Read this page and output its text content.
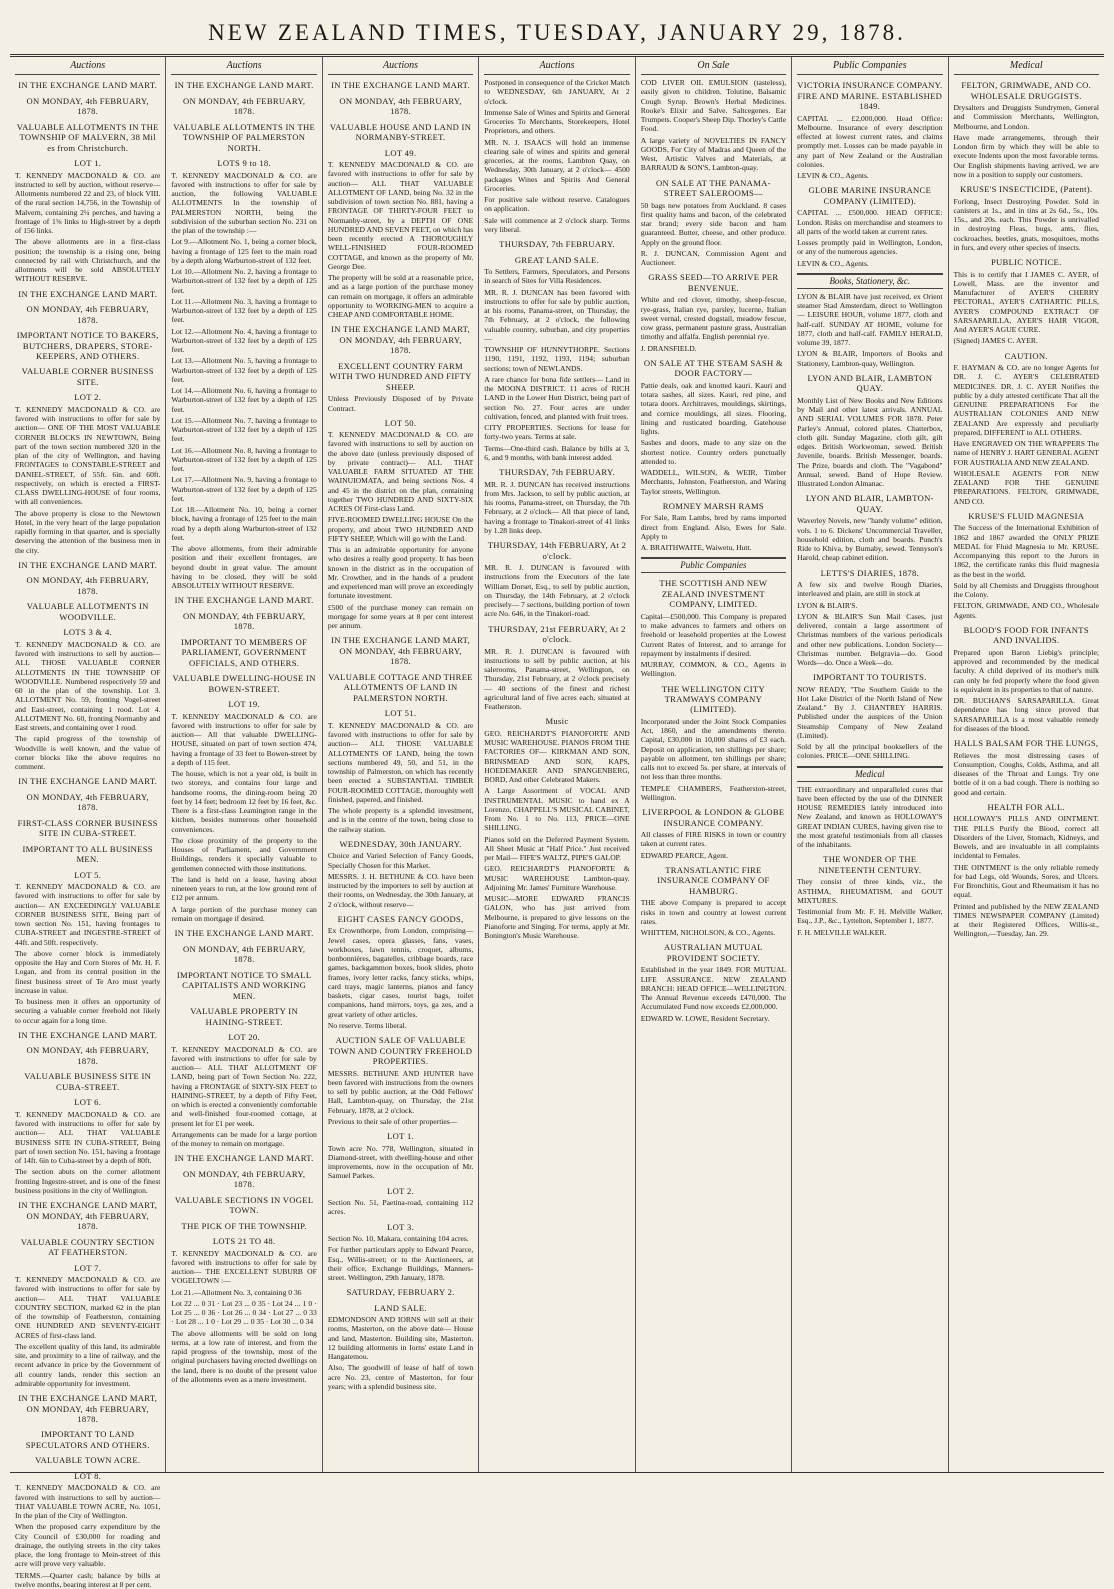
NEW ZEALAND TIMES, TUESDAY, JANUARY 29, 1878.
Auctions
IN THE EXCHANGE LAND MART.
ON MONDAY, 4th FEBRUARY, 1878.
VALUABLE ALLOTMENTS IN THE TOWNSHIP OF MALVERN, 38 Mil es from Christchurch.
LOT 1.

T. KENNEDY MACDONALD & CO. are instructed to sell by auction, without reserve— Allotments numbered 22 and 23, of block VIII. of the rural section 14,756, in the Township of Malvern, containing 2¼ perches, and having a frontage of 1⅝ links to High-street by a depth of 156 links.

The above allotments are in a first-class position; the township is a rising one, being connected by rail with Christchurch, and the allotments will be sold ABSOLUTELY WITHOUT RESERVE.

IN THE EXCHANGE LAND MART.
ON MONDAY, 4th FEBRUARY, 1878.
IMPORTANT NOTICE TO BAKERS, BUTCHERS, DRAPERS, STORE-KEEPERS, AND OTHERS.
VALUABLE CORNER BUSINESS SITE.
LOT 2.

T. KENNEDY MACDONALD & CO. are favored with instructions to offer for sale by auction— ONE OF THE MOST VALUABLE CORNER BLOCKS IN NEWTOWN, Being part of the town section numbered 320 in the plan of the city of Wellington, and having FRONTAGES to CONSTABLE-STREET and DANIEL-STREET, of 55ft. 6in. and 60ft. respectively, on which is erected a FIRST-CLASS DWELLING-HOUSE of four rooms, with all conveniences.

The above property is close to the Newtown Hotel, in the very heart of the large population rapidly forming in that quarter, and is specially deserving the attention of the business men in the city.

IN THE EXCHANGE LAND MART.
ON MONDAY, 4th FEBRUARY, 1878.
VALUABLE ALLOTMENTS IN WOODVILLE.
LOTS 3 & 4.

T. KENNEDY MACDONALD & CO. are favored with instructions to sell by auction— ALL THOSE VALUABLE CORNER ALLOTMENTS IN THE TOWNSHIP OF WOODVILLE. Numbered respectively 59 and 60 in the plan of the township. Lot 3. ALLOTMENT No. 59, fronting Vogel-street and East-street, containing 1 rood. Lot 4. ALLOTMENT No. 60, fronting Normanby and East streets, and containing over 1 rood.

The rapid progress of the township of Woodville is well known, and the value of corner blocks like the above requires no comment.

IN THE EXCHANGE LAND MART.
ON MONDAY, 4th FEBRUARY, 1878.
FIRST-CLASS CORNER BUSINESS SITE IN CUBA-STREET.
IMPORTANT TO ALL BUSINESS MEN.
LOT 5.

T. KENNEDY MACDONALD & CO. are favored with instructions to offer for sale by auction— AN EXCEEDINGLY VALUABLE CORNER BUSINESS SITE, Being part of town section No. 151, having frontages to CUBA-STREET and INGESTRE-STREET of 44ft. and 50ft. respectively.

The above corner block is immediately opposite the Hay and Corn Stores of Mr. H. F. Logan, and from its central position in the finest business street of Te Aro must yearly increase in value.

To business men it offers an opportunity of securing a valuable corner freehold not likely to occur again for a long time.

IN THE EXCHANGE LAND MART.
ON MONDAY, 4th FEBRUARY, 1878.
VALUABLE BUSINESS SITE IN CUBA-STREET.
LOT 6.

T. KENNEDY MACDONALD & CO. are favored with instructions to offer for sale by auction— ALL THAT VALUABLE BUSINESS SITE IN CUBA-STREET, Being part of town section No. 151, having a frontage of 14ft. 6in to Cuba-street by a depth of 80ft.

The section abuts on the corner allotment fronting Ingestre-street, and is one of the finest business positions in the city of Wellington.

IN THE EXCHANGE LAND MART, ON MONDAY, 4th FEBRUARY, 1878.
VALUABLE COUNTRY SECTION AT FEATHERSTON.
LOT 7.

T. KENNEDY MACDONALD & CO. are favored with instructions to offer for sale by auction— ALL THAT VALUABLE COUNTRY SECTION, marked 62 in the plan of the township of Featherston, containing ONE HUNDRED AND SEVENTY-EIGHT ACRES of first-class land.

The excellent quality of this land, its admirable site, and proximity to a line of railway, and the recent advance in price by the Government of all country lands, render this section an admirable opportunity for investment.

IN THE EXCHANGE LAND MART, ON MONDAY, 4th FEBRUARY, 1878.
IMPORTANT TO LAND SPECULATORS AND OTHERS.
VALUABLE TOWN ACRE.
LOT 8.

T. KENNEDY MACDONALD & CO. are favored with instructions to sell by auction— THAT VALUABLE TOWN ACRE, No. 1051, In the plan of the City of Wellington.

When the proposed carry expenditure by the City Council of £30,000 for roading and drainage, the outlying streets in the city takes place, the long frontage to Mein-street of this acre will prove very valuable.

TERMS.—Quarter cash; balance by bills at twelve months, bearing interest at 8 per cent.

Auctions
IN THE EXCHANGE LAND MART.
ON MONDAY, 4th FEBRUARY, 1878.
VALUABLE ALLOTMENTS IN THE TOWNSHIP OF PALMERSTON NORTH.
LOTS 9 to 18.

T. KENNEDY MACDONALD & CO. are favored with instructions to offer for sale by auction, the following VALUABLE ALLOTMENTS In the township of PALMERSTON NORTH, being the subdivision of the suburban section No. 231 on the plan of the township :—

Lot 9.—Allotment No. 1, being a corner block, having a frontage of 125 feet to the main road by a depth along Warburton-street of 132 feet.

Lot 10.—Allotment No. 2, having a frontage to Warburton-street of 132 feet by a depth of 125 feet.

Lot 11.—Allotment No. 3, having a frontage to Warburton-street of 132 feet by a depth of 125 feet.

Lot 12.—Allotment No. 4, having a frontage to Warburton-street of 132 feet by a depth of 125 feet.

Lot 13.—Allotment No. 5, having a frontage to Warburton-street of 132 feet by a depth of 125 feet.

Lot 14.—Allotment No. 6, having a frontage to Warburton-street of 132 feet by a depth of 125 feet.

Lot 15.—Allotment No. 7, having a frontage to Warburton-street of 132 feet by a depth of 125 feet.

Lot 16.—Allotment No. 8, having a frontage to Warburton-street of 132 feet by a depth of 125 feet.

Lot 17.—Allotment No. 9, having a frontage to Warburton-street of 132 feet by a depth of 125 feet.

Lot 18.—Allotment No. 10, being a corner block, having a frontage of 125 feet to the main road by a depth along Warburton-street of 132 feet.

The above allotments, from their admirable position and their excellent frontages, are beyond doubt in great value. The amount having to be closed, they will be sold ABSOLUTELY WITHOUT RESERVE.

IN THE EXCHANGE LAND MART.
ON MONDAY, 4th FEBRUARY, 1878.
IMPORTANT TO MEMBERS OF PARLIAMENT, GOVERNMENT OFFICIALS, AND OTHERS.
VALUABLE DWELLING-HOUSE IN BOWEN-STREET.
LOT 19.

T. KENNEDY MACDONALD & CO. are favored with instructions to offer for sale by auction— All that valuable DWELLING-HOUSE, situated on part of town section 474, having a frontage of 33 feet to Bowen-street by a depth of 115 feet.

The house, which is not a year old, is built in two storeys, and contains four large and handsome rooms, the dining-room being 20 feet by 14 feet; bedroom 12 feet by 16 feet, &c. There is a first-class Leamington range in the kitchen, besides numerous other household conveniences.

The close proximity of the property to the Houses of Parliament, and Government Buildings, renders it specially valuable to gentlemen connected with those institutions.

The land is held on a lease, having about nineteen years to run, at the low ground rent of £12 per annum.

A large portion of the purchase money can remain on mortgage if desired.

IN THE EXCHANGE LAND MART.
ON MONDAY, 4th FEBRUARY, 1878.
IMPORTANT NOTICE TO SMALL CAPITALISTS AND WORKING MEN.
VALUABLE PROPERTY IN HAINING-STREET.
LOT 20.

T. KENNEDY MACDONALD & CO. are favored with instructions to offer for sale by auction— ALL THAT ALLOTMENT OF LAND, being part of Town Section No. 222, having a FRONTAGE of SIXTY-SIX FEET to HAINING-STREET, by a depth of Fifty Feet, on which is erected a conveniently comfortable and well-finished four-roomed cottage, at present let for £1 per week.

Arrangements can be made for a large portion of the money to remain on mortgage.

IN THE EXCHANGE LAND MART.
ON MONDAY, 4th FEBRUARY, 1878.
VALUABLE SECTIONS IN VOGEL TOWN.
THE PICK OF THE TOWNSHIP.
LOTS 21 TO 48.

T. KENNEDY MACDONALD & CO. are favored with instructions to offer for sale by auction— THE EXCELLENT SUBURB OF VOGELTOWN :—

Lot 21.—Allotment No. 3, containing 0 36

Lot 22 ... 0 31 · Lot 23 ... 0 35 · Lot 24 ... 1 0 · Lot 25 ... 0 36 · Lot 26 ... 0 34 · Lot 27 ... 0 33 · Lot 28 ... 1 0 · Lot 29 ... 0 35 · Lot 30 ... 0 34

The above allotments will be sold on long terms, at a low rate of interest, and from the rapid progress of the township, most of the original purchasers having erected dwellings on the land, there is no doubt of the present value of the allotments even as a mere investment.

Auctions
IN THE EXCHANGE LAND MART.
ON MONDAY, 4th FEBRUARY, 1878.
VALUABLE HOUSE AND LAND IN NORMANBY-STREET.
LOT 49.

T. KENNEDY MACDONALD & CO. are favored with instructions to offer for sale by auction— ALL THAT VALUABLE ALLOTMENT OF LAND, being No. 32 in the subdivision of town section No. 881, having a FRONTAGE OF THIRTY-FOUR FEET to Normanby-street, by a DEPTH OF ONE HUNDRED AND SEVEN FEET, on which has been recently erected A THOROUGHLY WELL-FINISHED FOUR-ROOMED COTTAGE, and known as the property of Mr. George Dee.

The property will be sold at a reasonable price, and as a large portion of the purchase money can remain on mortgage, it offers an admirable opportunity to WORKING-MEN to acquire a CHEAP AND COMFORTABLE HOME.

IN THE EXCHANGE LAND MART, ON MONDAY, 4th FEBRUARY, 1878.
EXCELLENT COUNTRY FARM WITH TWO HUNDRED AND FIFTY SHEEP.

Unless Previously Disposed of by Private Contract.

LOT 50.

T. KENNEDY MACDONALD & CO. are favored with instructions to sell by auction on the above date (unless previously disposed of by private contract)— ALL THAT VALUABLE FARM SITUATED AT THE WAINUIOMATA, and being sections Nos. 4 and 45 in the district on the plan, containing together TWO HUNDRED AND SIXTY-SIX ACRES Of First-class Land.

FIVE-ROOMED DWELLING HOUSE On the property, and about TWO HUNDRED AND FIFTY SHEEP, Which will go with the Land.

This is an admirable opportunity for anyone who desires a really good property. It has been known in the district as in the occupation of Mr. Crowther, and in the hands of a prudent and experienced man will prove an exceedingly fortunate investment.

£500 of the purchase money can remain on mortgage for some years at 8 per cent interest per annum.

IN THE EXCHANGE LAND MART, ON MONDAY, 4th FEBRUARY, 1878.
VALUABLE COTTAGE AND THREE ALLOTMENTS OF LAND IN PALMERSTON NORTH.
LOT 51.

T. KENNEDY MACDONALD & CO. are favored with instructions to offer for sale by auction— ALL THOSE VALUABLE ALLOTMENTS OF LAND, being the town sections numbered 49, 50, and 51, in the township of Palmerston, on which has recently been erected a SUBSTANTIAL TIMBER FOUR-ROOMED COTTAGE, thoroughly well finished, papered, and finished.

The whole property is a splendid investment, and is in the centre of the town, being close to the railway station.

WEDNESDAY, 30th JANUARY.

Choice and Varied Selection of Fancy Goods, Specially Chosen for this Market.

MESSRS. J. H. BETHUNE & CO. have been instructed by the importers to sell by auction at their rooms, on Wednesday, the 30th January, at 2 o'clock, without reserve—

EIGHT CASES FANCY GOODS,

Ex Crownthorpe, from London, comprising— Jewel cases, opera glasses, fans, vases, workboxes, lawn tennis, croquet, albums, bonbonnières, bagatelles, cribbage boards, race games, backgammon boxes, book slides, photo frames, ivory letter racks, fancy sticks, whips, card trays, magic lanterns, pianos and fancy baskets, cigar cases, tourist bags, toilet companions, hand mirrors, toys, ga zes, and a great variety of other articles.

No reserve. Terms liberal.

AUCTION SALE OF VALUABLE TOWN AND COUNTRY FREEHOLD PROPERTIES.

MESSRS. BETHUNE AND HUNTER have been favored with instructions from the owners to sell by public auction, at the Odd Fellows' Hall, Lambton-quay, on Thursday, the 21st February, 1878, at 2 o'clock.

Previous to their sale of other properties—

LOT 1.

Town acre No. 778, Wellington, situated in Diamond-street, with dwelling-house and other improvements, now in the occupation of Mr. Samuel Parkes.

LOT 2.

Section No. 51, Paetina-road, containing 112 acres.

LOT 3.

Section No. 10, Makara, containing 104 acres.

For further particulars apply to Edward Pearce, Esq., Willis-street; or to the Auctioneers, at their office, Exchange Buildings, Manners-street. Wellington, 29th January, 1878.

SATURDAY, FEBRUARY 2.
LAND SALE.

EDMONDSON AND IORNS will sell at their rooms, Masterton, on the above date— House and land, Masterton. Building site, Masterton. 12 building allotments in Iorns' estate Land in Hangatemou.

Also, The goodwill of lease of half of town acre No. 23, centre of Masterton, for four years; with a splendid business site.

Auctions

Postponed in consequence of the Cricket Match to WEDNESDAY, 6th JANUARY, At 2 o'clock.

Immense Sale of Wines and Spirits and General Groceries To Merchants, Storekeepers, Hotel Proprietors, and others.

MR. N. J. ISAACS will hold an immense clearing sale of wines and spirits and general groceries, at the rooms, Lambton Quay, on Wednesday, 30th January, at 2 o'clock— 4500 packages Wines and Spirits And General Groceries.

For positive sale without reserve. Catalogues on application.

Sale will commence at 2 o'clock sharp. Terms very liberal.

THURSDAY, 7th FEBRUARY.
GREAT LAND SALE.

To Settlers, Farmers, Speculators, and Persons in search of Sites for Villa Residences.

MR. R. J. DUNCAN has been favored with instructions to offer for sale by public auction, at his rooms, Panama-street, on Thursday, the 7th February, at 2 o'clock, the following valuable country, suburban, and city properties—

TOWNSHIP OF HUNNYTHORPE. Sections 1190, 1191, 1192, 1193, 1194; suburban sections; town of NEWLANDS.

A rare chance for bona fide settlers— Land in the MOONA DISTRICT. 11 acres of RICH LAND in the Lower Hutt District, being part of section No. 27. Four acres are under cultivation, fenced, and planted with fruit trees.

CITY PROPERTIES. Sections for lease for forty-two years. Terms at sale.

Terms—One-third cash. Balance by bills at 3, 6, and 9 months, with bank interest added.

THURSDAY, 7th FEBRUARY.

MR. R. J. DUNCAN has received instructions from Mrs. Jackson, to sell by public auction, at his rooms, Panama-street, on Thursday, the 7th February, at 2 o'clock— All that piece of land, having a frontage to Tinakori-street of 41 links by 1.28 links deep.

THURSDAY, 14th FEBRUARY, At 2 o'clock.

MR. R. J. DUNCAN is favoured with instructions from the Executors of the late William Dorset, Esq., to sell by public auction, on Thursday, the 14th February, at 2 o'clock precisely— 7 sections, building portion of town acre No. 646, in the Tinakori-road.

THURSDAY, 21st FEBRUARY, At 2 o'clock.

MR. R. J. DUNCAN is favoured with instructions to sell by public auction, at his salerooms, Panama-street, Wellington, on Thursday, 21st February, at 2 o'clock precisely— 40 sections of the finest and richest agricultural land of five acres each, situated at Featherston.

Music

GEO. REICHARDT'S PIANOFORTE AND MUSIC WAREHOUSE. PIANOS FROM THE FACTORIES OF— KIRKMAN AND SON, BRINSMEAD AND SON, KAPS, HOEDEMAKER AND SPANGENBERG, BORD, And other Celebrated Makers.

A Large Assortment of VOCAL AND INSTRUMENTAL MUSIC to hand ex A Lorenzo, CHAPPELL'S MUSICAL CABINET, From No. 1 to No. 113, PRICE—ONE SHILLING.

Pianos sold on the Deferred Payment System. All Sheet Music at "Half Price." Just received per Mail— FIFE'S WALTZ, PIPE'S GALOP.

GEO. REICHARDT'S PIANOFORTE & MUSIC WAREHOUSE Lambton-quay. Adjoining Mr. James' Furniture Warehouse.

MUSIC—MORE EDWARD FRANCIS GALON, who has just arrived from Melbourne, is prepared to give lessons on the Pianoforte and Singing. For terms, apply at Mr. Bonington's Music Warehouse.

On Sale

COD LIVER OIL EMULSION (tasteless), easily given to children. Tolutine, Balsamic Cough Syrup. Brown's Herbal Medicines. Rooke's Elixir and Salve. Saltcegenes. Ear Trumpets. Cooper's Sheep Dip. Thorley's Cattle Food.

A large variety of NOVELTIES IN FANCY GOODS, For City of Madras and Queen of the West, Artistic Valves and Materials, at BARRAUD & SON'S, Lambton-quay.

ON SALE AT THE PANAMA-STREET SALEROOMS—

50 bags new potatoes from Auckland. 8 cases first quality hams and bacon, of the celebrated star brand; every side bacon and ham guaranteed. Butter, cheese, and other produce. Apply on the ground floor.

R. J. DUNCAN, Commission Agent and Auctioneer.

GRASS SEED—TO ARRIVE PER BENVENUE.

White and red clover, timothy, sheep-fescue, rye-grass, Italian rye, parsley, lucerne, Italian sweet vernal, crested dogstail, meadow fescue, cow grass, permanent pasture grass, Australian timothy and alfalfa. English perennial rye.

J. DRANSFIELD.

ON SALE AT THE STEAM SASH & DOOR FACTORY—

Pattie deals, oak and knotted kauri. Kauri and totara sashes, all sizes. Kauri, red pine, and totara doors. Architraves, mouldings, skirtings, and cornice mouldings, all sizes. Flooring, lining and rusticated boarding. Gatehouse lights.

Sashes and doors, made to any size on the shortest notice. Country orders punctually attended to.

WADDELL, WILSON, & WEIR, Timber Merchants, Johnston, Featherston, and Waring Taylor streets, Wellington.

ROMNEY MARSH RAMS

For Sale, Ram Lambs, bred by rams imported direct from England. Also, Ewes for Sale. Apply to

A. BRAITHWAITE, Waiwetu, Hutt.

Public Companies
THE SCOTTISH AND NEW ZEALAND INVESTMENT COMPANY, LIMITED.

Capital—£500,000. This Company is prepared to make advances to farmers and others on freehold or leasehold properties at the Lowest Current Rates of Interest, and to arrange for repayment by instalments if desired.

MURRAY, COMMON, & CO., Agents in Wellington.

THE WELLINGTON CITY TRAMWAYS COMPANY (LIMITED).

Incorporated under the Joint Stock Companies Act, 1860, and the amendments thereto. Capital, £30,000 in 10,000 shares of £3 each. Deposit on application, ten shillings per share; payable on allotment, ten shillings per share; calls not to exceed 5s. per share, at intervals of not less than three months.

TEMPLE CHAMBERS, Featherston-street, Wellington.

LIVERPOOL & LONDON & GLOBE INSURANCE COMPANY.

All classes of FIRE RISKS in town or country taken at current rates.

EDWARD PEARCE, Agent.

TRANSATLANTIC FIRE INSURANCE COMPANY OF HAMBURG.

THE above Company is prepared to accept risks in town and country at lowest current rates.

WHITTEM, NICHOLSON, & CO., Agents.

AUSTRALIAN MUTUAL PROVIDENT SOCIETY.

Established in the year 1849. FOR MUTUAL LIFE ASSURANCE. NEW ZEALAND BRANCH: HEAD OFFICE—WELLINGTON. The Annual Revenue exceeds £470,000. The Accumulated Fund now exceeds £2,000,000.

EDWARD W. LOWE, Resident Secretary.

Public Companies
VICTORIA INSURANCE COMPANY. FIRE AND MARINE. ESTABLISHED 1849.

CAPITAL ... £2,000,000. Head Office: Melbourne. Insurance of every description effected at lowest current rates, and claims promptly met. Losses can be made payable in any part of New Zealand or the Australian colonies.

LEVIN & CO., Agents.

GLOBE MARINE INSURANCE COMPANY (LIMITED).

CAPITAL ... £500,000. HEAD OFFICE: London. Risks on merchandise and steamers to all parts of the world taken at current rates.

Losses promptly paid in Wellington, London, or any of the numerous agencies.

LEVIN & CO., Agents.

Books, Stationery, &c.

LYON & BLAIR have just received, ex Orient steamer Stad Amsterdam, direct to Wellington— LEISURE HOUR, volume 1877, cloth and half-calf. SUNDAY AT HOME, volume for 1877, cloth and half-calf. FAMILY HERALD, volume 39, 1877.

LYON & BLAIR, Importers of Books and Stationery, Lambton-quay, Wellington.

LYON AND BLAIR, LAMBTON QUAY.

Monthly List of New Books and New Editions by Mail and other latest arrivals. ANNUAL AND SERIAL VOLUMES FOR 1878. Peter Parley's Annual, colored plates. Chatterbox, cloth gilt. Sunday Magazine, cloth gilt, gilt edges. British Workwoman, sewed. British Juvenile, boards. British Messenger, boards. The Prize, boards and cloth. The "Vagabond" Annual, sewed. Band of Hope Review. Illustrated London Almanac.

LYON AND BLAIR, LAMBTON-QUAY.

Waverley Novels, new "handy volume" edition, vols. 1 to 6. Dickens' Uncommercial Traveller, household edition, cloth and boards. Punch's Ride to Khiva, by Burnaby, sewed. Tennyson's Harold, cheap cabinet edition.

LETTS'S DIARIES, 1878.

A few six and twelve Rough Diaries, interleaved and plain, are still in stock at

LYON & BLAIR'S.

LYON & BLAIR'S Sun Mail Cases, just delivered, contain a large assortment of Christmas numbers of the various periodicals and other new publications. London Society—Christmas number. Belgravia—do. Good Words—do. Once a Week—do.

IMPORTANT TO TOURISTS.

NOW READY, "The Southern Guide to the Hot Lake District of the North Island of New Zealand." By J. CHANTREY HARRIS. Published under the auspices of the Union Steamship Company of New Zealand (Limited).

Sold by all the principal booksellers of the colonies. PRICE—ONE SHILLING.

Medical

THE extraordinary and unparalleled cures that have been effected by the use of the DINNER HOUSE REMEDIES lately introduced into New Zealand, and known as HOLLOWAY'S GREAT INDIAN CURES, having given rise to the most grateful testimonials from all classes of the inhabitants.

THE WONDER OF THE NINETEENTH CENTURY.

They consist of three kinds, viz., the ASTHMA, RHEUMATISM, and GOUT MIXTURES.

Testimonial from Mr. F. H. Melville Walker, Esq., J.P., &c., Lyttelton, September 1, 1877.

F. H. MELVILLE WALKER.

Medical
FELTON, GRIMWADE, AND CO. WHOLESALE DRUGGISTS.

Drysalters and Druggists Sundrymen, General and Commission Merchants, Wellington, Melbourne, and London.

Have made arrangements, through their London firm by which they will be able to execute Indents upon the most favorable terms. Our English shipments having arrived, we are now in a position to supply our customers.

KRUSE'S INSECTICIDE, (Patent).

Forlong, Insect Destroying Powder. Sold in canisters at 1s., and in tins at 2s 6d., 5s., 10s. 15s., and 20s. each. This Powder is unrivalled in destroying Fleas, bugs, ants, flies, cockroaches, beetles, gnats, mosquitoes, moths in furs, and every other species of insects.

PUBLIC NOTICE.

This is to certify that I JAMES C. AYER, of Lowell, Mass. are the inventor and Manufacturer of AYER'S CHERRY PECTORAL, AYER'S CATHARTIC PILLS, AYER'S COMPOUND EXTRACT OF SARSAPARILLA, AYER'S HAIR VIGOR, And AYER'S AGUE CURE.

(Signed) JAMES C. AYER.

CAUTION.

F. HAYMAN & CO. are no longer Agents for DR. J. C. AYER'S CELEBRATED MEDICINES. DR. J. C. AYER Notifies the public by a duly attested certificate That all the GENUINE PREPARATIONS For the AUSTRALIAN COLONIES AND NEW ZEALAND Are expressly and peculiarly prepared, DIFFERENT to ALL OTHERS.

Have ENGRAVED ON THE WRAPPERS The name of HENRY J. HART GENERAL AGENT FOR AUSTRALIA AND NEW ZEALAND.

WHOLESALE AGENTS FOR NEW ZEALAND FOR THE GENUINE PREPARATIONS. FELTON, GRIMWADE, AND CO.

KRUSE'S FLUID MAGNESIA

The Success of the International Exhibition of 1862 and 1867 awarded the ONLY PRIZE MEDAL for Fluid Magnesia to Mr. KRUSE. Accompanying this report to the Jurors in 1862, the certificate ranks this fluid magnesia as the best in the world.

Sold by all Chemists and Druggists throughout the Colony.

FELTON, GRIMWADE, AND CO., Wholesale Agents.

BLOOD'S FOOD FOR INFANTS AND INVALIDS.

Prepared upon Baron Liebig's principle; approved and recommended by the medical faculty. A child deprived of its mother's milk can only be fed properly where the food given is equivalent in its properties to that of nature.

DR. BUCHAN'S SARSAPARILLA. Great dependence has long since proved that SARSAPARILLA is a most valuable remedy for diseases of the blood.

HALLS BALSAM FOR THE LUNGS,

Relieves the most distressing cases of Consumption, Coughs, Colds, Asthma, and all diseases of the Throat and Lungs. Try one bottle of it on a bad cough. There is nothing so good and certain.

HEALTH FOR ALL.

HOLLOWAY'S PILLS AND OINTMENT. THE PILLS Purify the Blood, correct all Disorders of the Liver, Stomach, Kidneys, and Bowels, and are invaluable in all complaints incidental to Females.

THE OINTMENT is the only reliable remedy for bad Legs, old Wounds, Sores, and Ulcers. For Bronchitis, Gout and Rheumatism it has no equal.

Printed and published by the NEW ZEALAND TIMES NEWSPAPER COMPANY (Limited) at their Registered Offices, Willis-st., Wellington,—Tuesday, Jan. 29.
